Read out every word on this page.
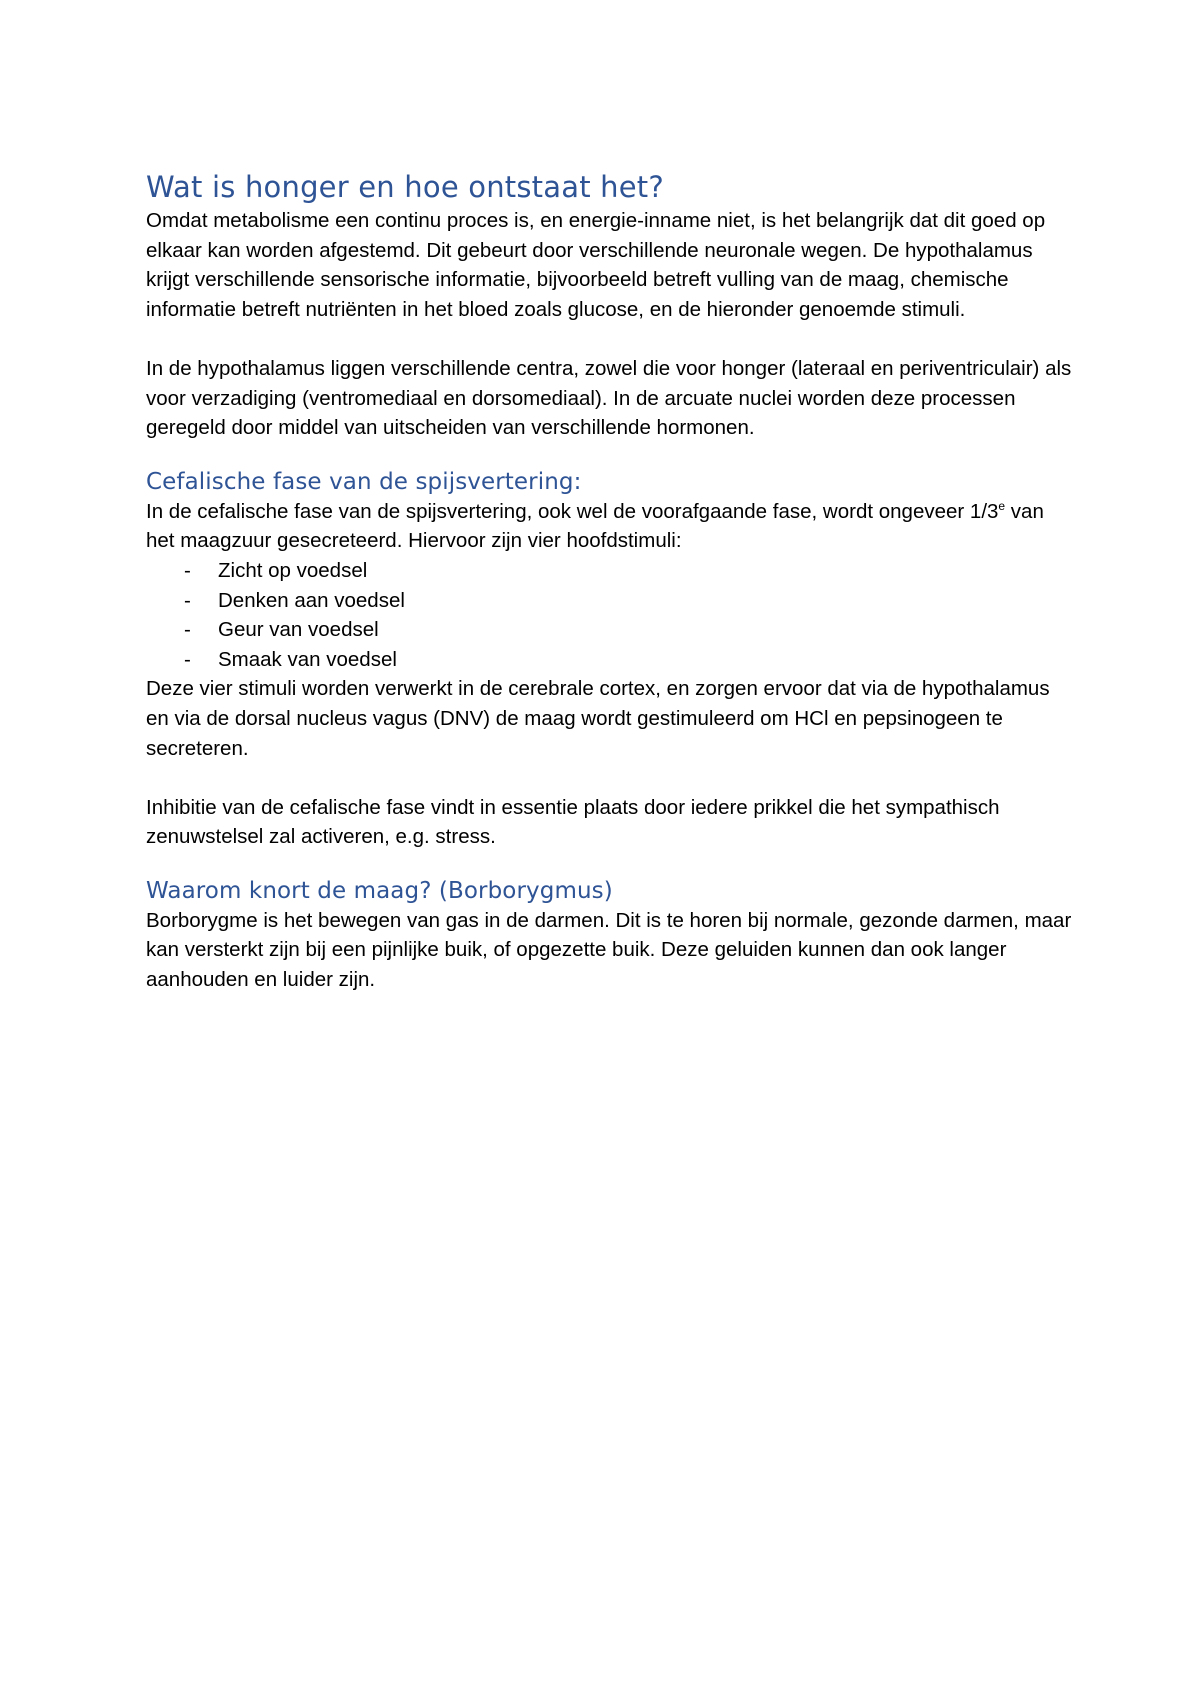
Wat is honger en hoe ontstaat het?

Omdat metabolisme een continu proces is, en energie-inname niet, is het belangrijk dat dit goed op elkaar kan worden afgestemd. Dit gebeurt door verschillende neuronale wegen. De hypothalamus krijgt verschillende sensorische informatie, bijvoorbeeld betreft vulling van de maag, chemische informatie betreft nutriënten in het bloed zoals glucose, en de hieronder genoemde stimuli.

In de hypothalamus liggen verschillende centra, zowel die voor honger (lateraal en periventriculair) als voor verzadiging (ventromediaal en dorsomediaal). In de arcuate nuclei worden deze processen geregeld door middel van uitscheiden van verschillende hormonen.

Cefalische fase van de spijsvertering:

In de cefalische fase van de spijsvertering, ook wel de voorafgaande fase, wordt ongeveer 1/3e van het maagzuur gesecreteerd. Hiervoor zijn vier hoofdstimuli:

- Zicht op voedsel
- Denken aan voedsel
- Geur van voedsel
- Smaak van voedsel

Deze vier stimuli worden verwerkt in de cerebrale cortex, en zorgen ervoor dat via de hypothalamus en via de dorsal nucleus vagus (DNV) de maag wordt gestimuleerd om HCl en pepsinogeen te secreteren.

Inhibitie van de cefalische fase vindt in essentie plaats door iedere prikkel die het sympathisch zenuwstelsel zal activeren, e.g. stress.

Waarom knort de maag? (Borborygmus)

Borborygme is het bewegen van gas in de darmen. Dit is te horen bij normale, gezonde darmen, maar kan versterkt zijn bij een pijnlijke buik, of opgezette buik. Deze geluiden kunnen dan ook langer aanhouden en luider zijn.
